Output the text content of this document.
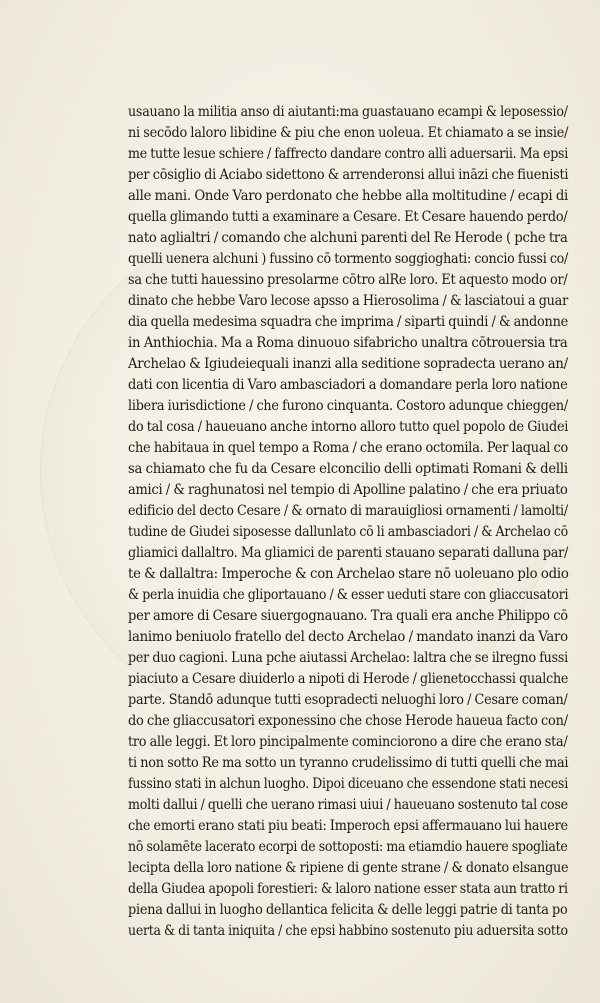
usauano la militia anso di aiutanti:ma guastauano ecampi & leposessio/
ni secōdo laloro libidine & piu che enon uoleua. Et chiamato a se insie/
me tutte lesue schiere / faffrecto dandare contro alli aduersarii. Ma epsi
per cōsiglio di Aciabo sidettono & arrenderonsi allui ināzi che fiuenisti
alle mani. Onde Varo perdonato che hebbe alla moltitudine / ecapi di
quella glimando tutti a examinare a Cesare. Et Cesare hauendo perdo/
nato aglialtri / comando che alchuni parenti del Re Herode ( pche tra
quelli uenera alchuni ) fussino cō tormento soggioghati: concio fussi co/
sa che tutti hauessino presolarme cōtro alRe loro. Et aquesto modo or/
dinato che hebbe Varo lecose apsso a Hierosolima / & lasciatoui a guar
dia quella medesima squadra che imprima / siparti quindi / & andonne
in Anthiochia. Ma a Roma dinuouo sifabricho unaltra cōtrouersia tra
Archelao & Igiudeiequali inanzi alla seditione sopradecta uerano an/
dati con licentia di Varo ambasciadori a domandare perla loro natione
libera iurisdictione / che furono cinquanta. Costoro adunque chieggen/
do tal cosa / haueuano anche intorno alloro tutto quel popolo de Giudei
che habitaua in quel tempo a Roma / che erano octomila. Per laqual co
sa chiamato che fu da Cesare elconcilio delli optimati Romani & delli
amici / & raghunatosi nel tempio di Apolline palatino / che era priuato
edificio del decto Cesare / & ornato di marauigliosi ornamenti / lamolti/
tudine de Giudei siposesse dallunlato cō li ambasciadori / & Archelao cō
gliamici dallaltro. Ma gliamici de parenti stauano separati dalluna par/
te & dallaltra: Imperoche & con Archelao stare nō uoleuano plo odio
& perla inuidia che gliportauano / & esser ueduti stare con gliaccusatori
per amore di Cesare siuergognauano. Tra quali era anche Philippo cō
lanimo beniuolo fratello del decto Archelao / mandato inanzi da Varo
per duo cagioni. Luna pche aiutassi Archelao: laltra che se ilregno fussi
piaciuto a Cesare diuiderlo a nipoti di Herode / glienetocchassi qualche
parte. Standō adunque tutti esopradecti neluoghi loro / Cesare coman/
do che gliaccusatori exponessino che chose Herode haueua facto con/
tro alle leggi. Et loro pincipalmente cominciorono a dire che erano sta/
ti non sotto Re ma sotto un tyranno crudelissimo di tutti quelli che mai
fussino stati in alchun luogho. Dipoi diceuano che essendone stati necesi
molti dallui / quelli che uerano rimasi uiui / haueuano sostenuto tal cose
che emorti erano stati piu beati: Imperoch epsi affermauano lui hauere
nō solamēte lacerato ecorpi de sottoposti: ma etiamdio hauere spogliate
lecipta della loro natione & ripiene di gente strane / & donato elsangue
della Giudea apopoli forestieri: & laloro natione esser stata aun tratto ri
piena dallui in luogho dellantica felicita & delle leggi patrie di tanta po
uerta & di tanta iniquita / che epsi habbino sostenuto piu aduersita sotto
